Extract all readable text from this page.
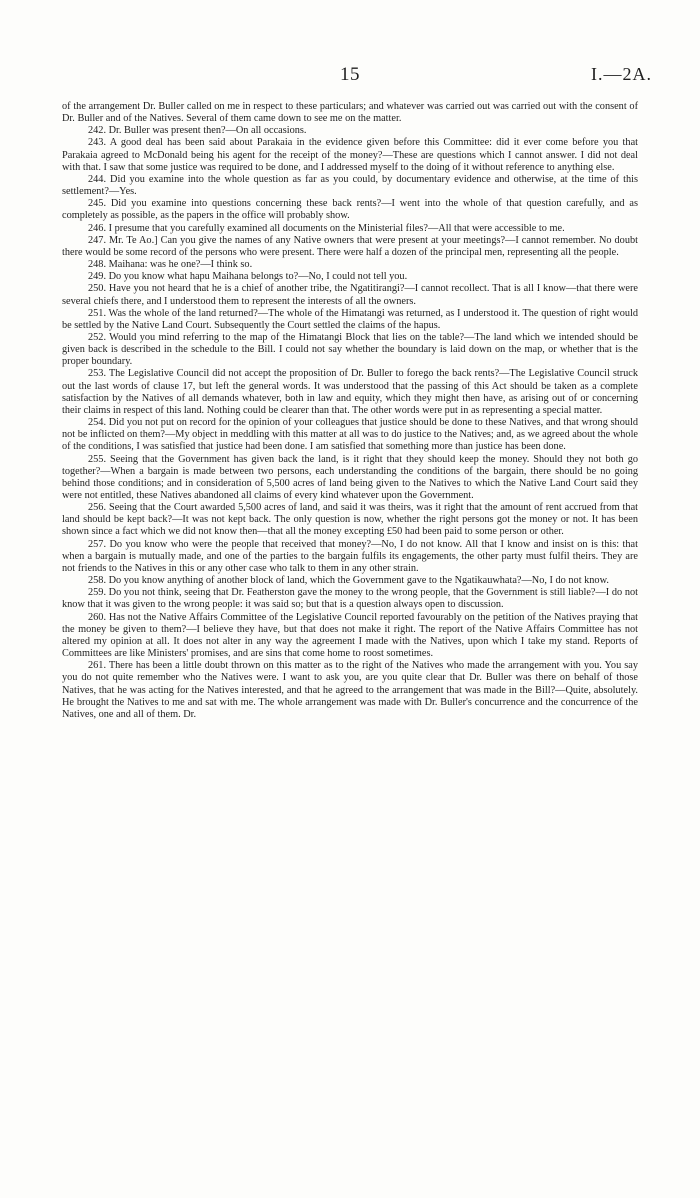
15	I.—2A.

of the arrangement Dr. Buller called on me in respect to these particulars; and whatever was carried out was carried out with the consent of Dr. Buller and of the Natives. Several of them came down to see me on the matter.

242. Dr. Buller was present then?—On all occasions.

243. A good deal has been said about Parakaia in the evidence given before this Committee: did it ever come before you that Parakaia agreed to McDonald being his agent for the receipt of the money?—These are questions which I cannot answer. I did not deal with that. I saw that some justice was required to be done, and I addressed myself to the doing of it without reference to anything else.

244. Did you examine into the whole question as far as you could, by documentary evidence and otherwise, at the time of this settlement?—Yes.

245. Did you examine into questions concerning these back rents?—I went into the whole of that question carefully, and as completely as possible, as the papers in the office will probably show.

246. I presume that you carefully examined all documents on the Ministerial files?—All that were accessible to me.

247. Mr. Te Ao.] Can you give the names of any Native owners that were present at your meetings?—I cannot remember. No doubt there would be some record of the persons who were present. There were half a dozen of the principal men, representing all the people.

248. Maihana: was he one?—I think so.

249. Do you know what hapu Maihana belongs to?—No, I could not tell you.

250. Have you not heard that he is a chief of another tribe, the Ngatitirangi?—I cannot recollect. That is all I know—that there were several chiefs there, and I understood them to represent the interests of all the owners.

251. Was the whole of the land returned?—The whole of the Himatangi was returned, as I understood it. The question of right would be settled by the Native Land Court. Subsequently the Court settled the claims of the hapus.

252. Would you mind referring to the map of the Himatangi Block that lies on the table?—The land which we intended should be given back is described in the schedule to the Bill. I could not say whether the boundary is laid down on the map, or whether that is the proper boundary.

253. The Legislative Council did not accept the proposition of Dr. Buller to forego the back rents?—The Legislative Council struck out the last words of clause 17, but left the general words. It was understood that the passing of this Act should be taken as a complete satisfaction by the Natives of all demands whatever, both in law and equity, which they might then have, as arising out of or concerning their claims in respect of this land. Nothing could be clearer than that. The other words were put in as representing a special matter.

254. Did you not put on record for the opinion of your colleagues that justice should be done to these Natives, and that wrong should not be inflicted on them?—My object in meddling with this matter at all was to do justice to the Natives; and, as we agreed about the whole of the conditions, I was satisfied that justice had been done. I am satisfied that something more than justice has been done.

255. Seeing that the Government has given back the land, is it right that they should keep the money. Should they not both go together?—When a bargain is made between two persons, each understanding the conditions of the bargain, there should be no going behind those conditions; and in consideration of 5,500 acres of land being given to the Natives to which the Native Land Court said they were not entitled, these Natives abandoned all claims of every kind whatever upon the Government.

256. Seeing that the Court awarded 5,500 acres of land, and said it was theirs, was it right that the amount of rent accrued from that land should be kept back?—It was not kept back. The only question is now, whether the right persons got the money or not. It has been shown since a fact which we did not know then—that all the money excepting £50 had been paid to some person or other.

257. Do you know who were the people that received that money?—No, I do not know. All that I know and insist on is this: that when a bargain is mutually made, and one of the parties to the bargain fulfils its engagements, the other party must fulfil theirs. They are not friends to the Natives in this or any other case who talk to them in any other strain.

258. Do you know anything of another block of land, which the Government gave to the Ngatikauwhata?—No, I do not know.

259. Do you not think, seeing that Dr. Featherston gave the money to the wrong people, that the Government is still liable?—I do not know that it was given to the wrong people: it was said so; but that is a question always open to discussion.

260. Has not the Native Affairs Committee of the Legislative Council reported favourably on the petition of the Natives praying that the money be given to them?—I believe they have, but that does not make it right. The report of the Native Affairs Committee has not altered my opinion at all. It does not alter in any way the agreement I made with the Natives, upon which I take my stand. Reports of Committees are like Ministers' promises, and are sins that come home to roost sometimes.

261. There has been a little doubt thrown on this matter as to the right of the Natives who made the arrangement with you. You say you do not quite remember who the Natives were. I want to ask you, are you quite clear that Dr. Buller was there on behalf of those Natives, that he was acting for the Natives interested, and that he agreed to the arrangement that was made in the Bill?—Quite, absolutely. He brought the Natives to me and sat with me. The whole arrangement was made with Dr. Buller's concurrence and the concurrence of the Natives, one and all of them. Dr.
